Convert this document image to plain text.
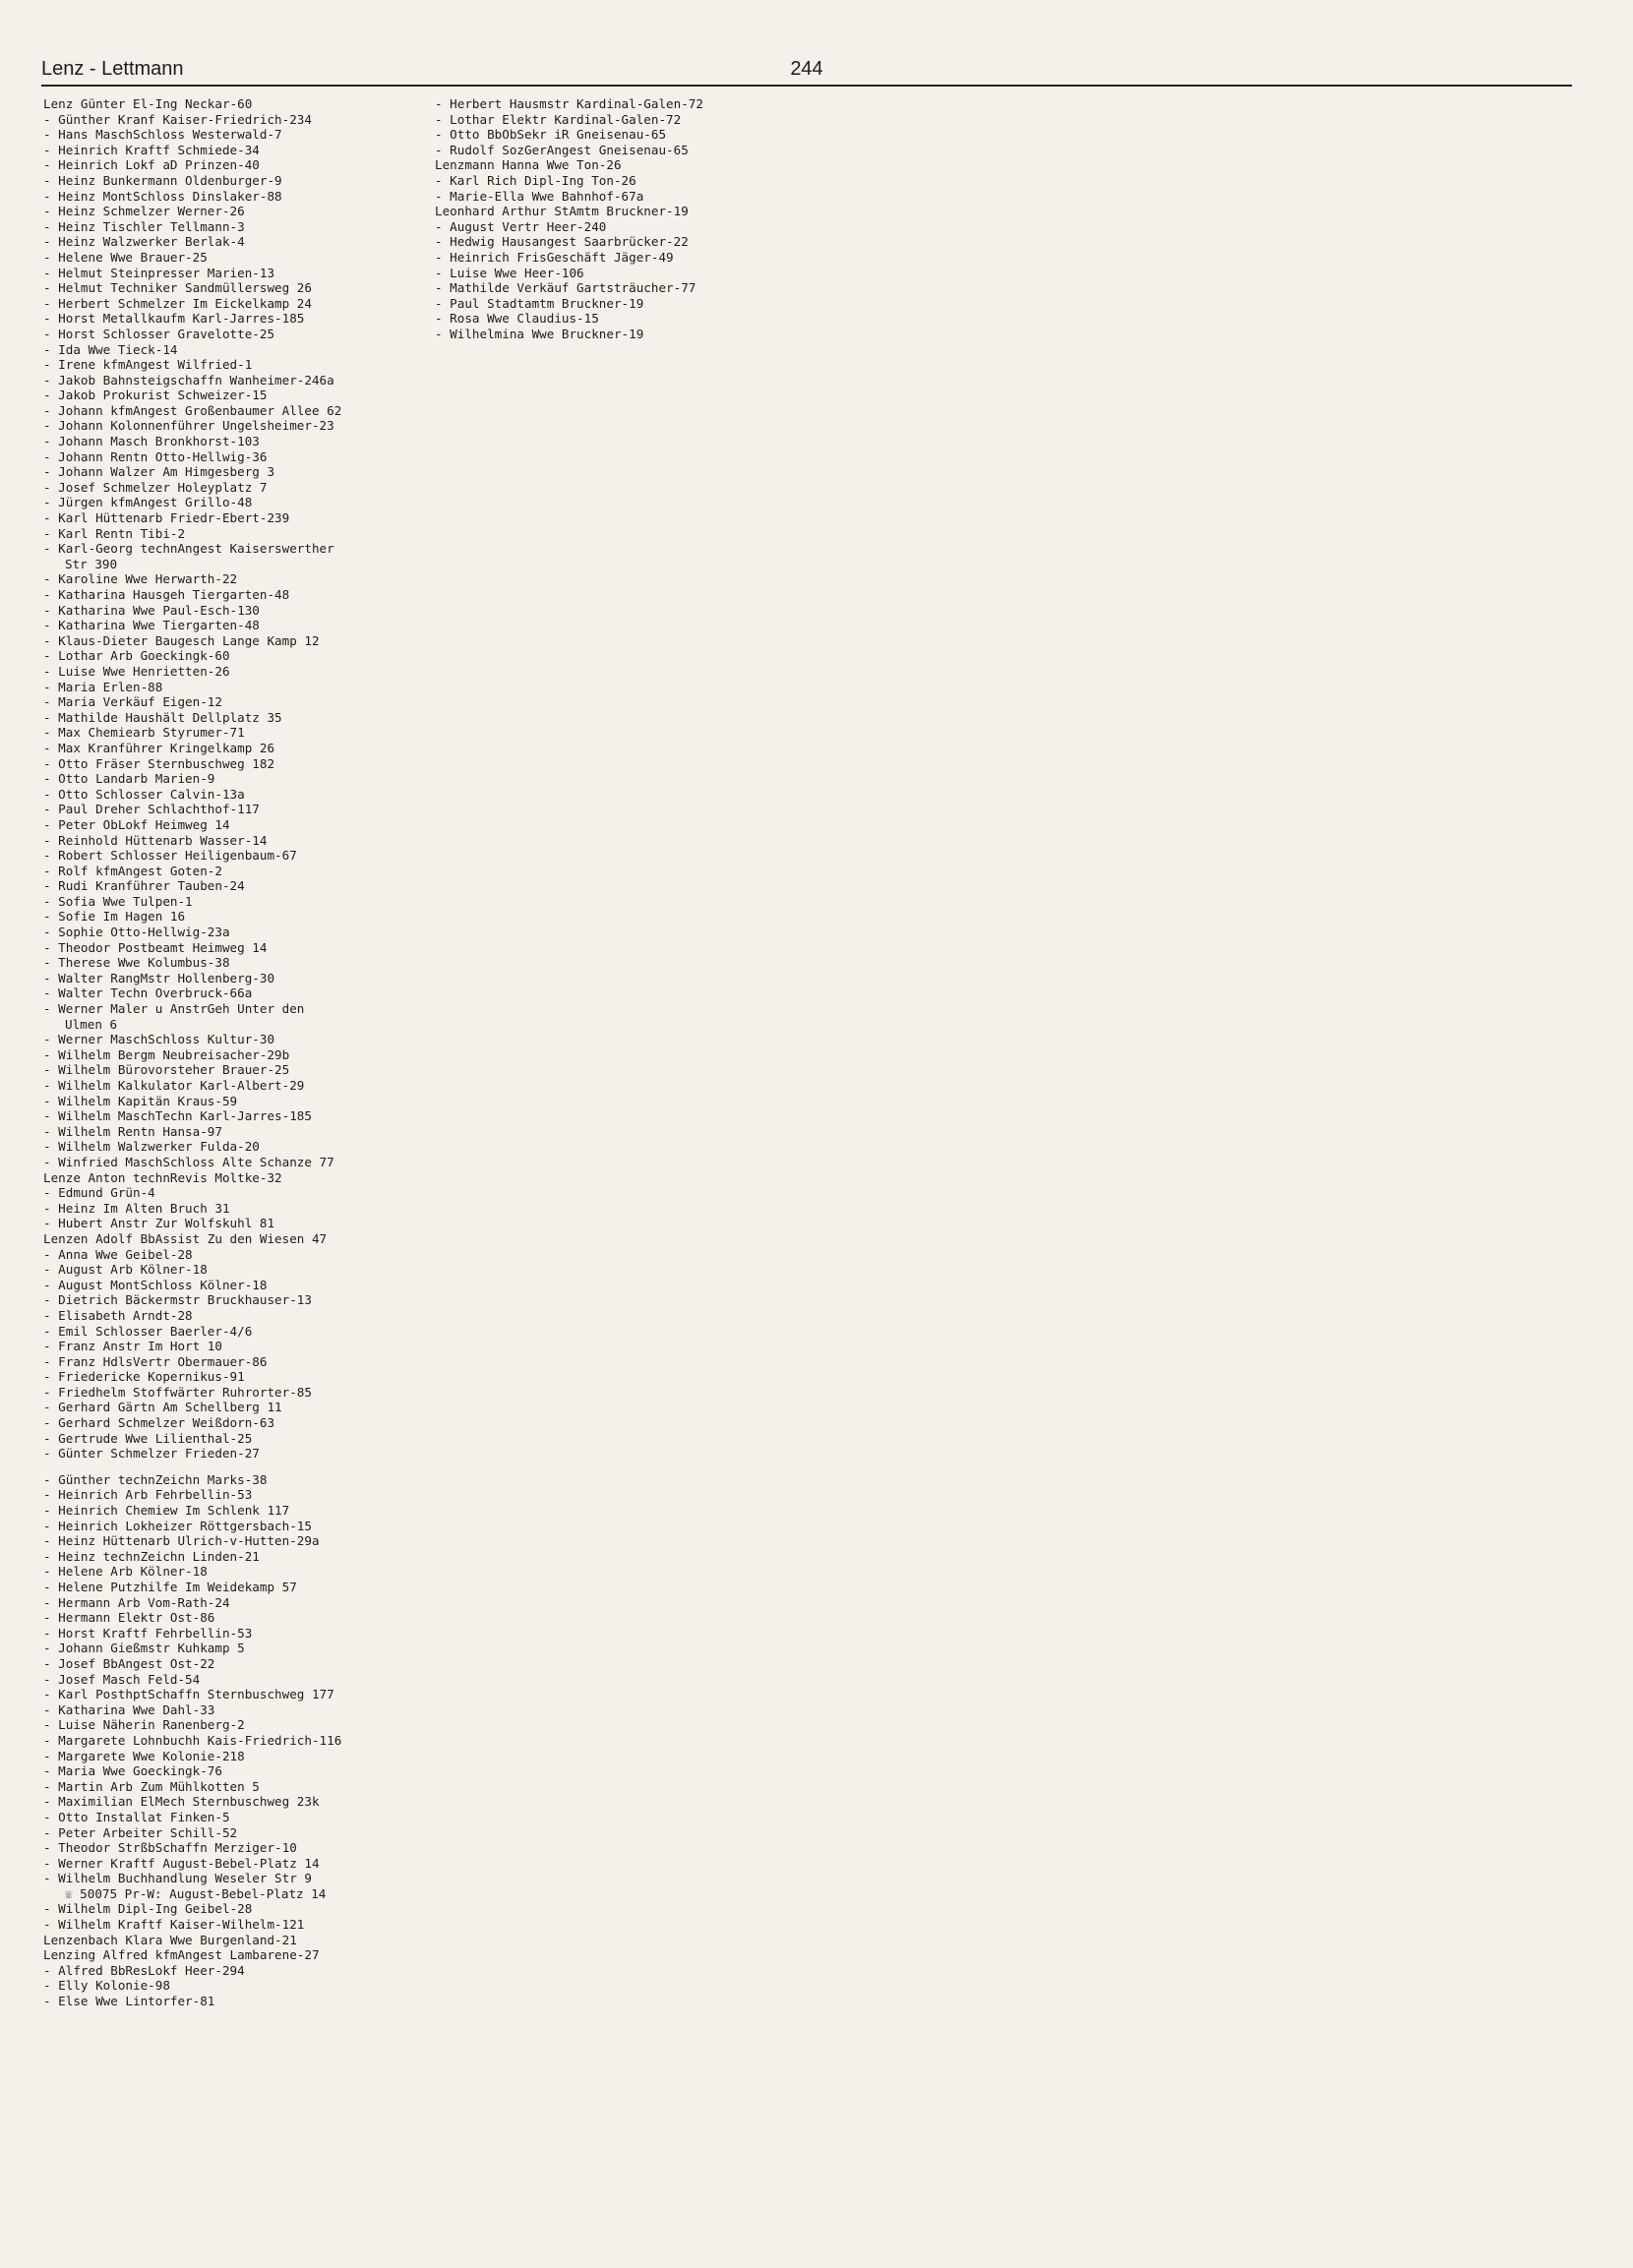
Lenz - Lettmann	244
Lenz Günter El-Ing Neckar-60
- Günther Kranf Kaiser-Friedrich-234
- Hans MaschSchloss Westerwald-7
- Heinrich Kraftf Schmiede-34
- Heinrich Lokf aD Prinzen-40
- Heinz Bunkermann Oldenburger-9
- Heinz MontSchloss Dinslaker-88
- Heinz Schmelzer Werner-26
- Heinz Tischler Tellmann-3
- Heinz Walzwerker Berlak-4
- Helene Wwe Brauer-25
- Helmut Steinpresser Marien-13
- Helmut Techniker Sandmüllersweg 26
- Herbert Schmelzer Im Eickelkamp 24
- Horst Metallkaufm Karl-Jarres-185
- Horst Schlosser Gravelotte-25
- Ida Wwe Tieck-14
- Irene kfmAngest Wilfried-1
- Jakob Bahnsteigschaffn Wanheimer-246a
- Jakob Prokurist Schweizer-15
- Johann kfmAngest Großenbaumer Allee 62
- Johann Kolonnenführer Ungelsheimer-23
- Johann Masch Bronkhorst-103
- Johann Rentn Otto-Hellwig-36
- Johann Walzer Am Himgesberg 3
- Josef Schmelzer Holeyplatz 7
- Jürgen kfmAngest Grillo-48
- Karl Hüttenarb Friedr-Ebert-239
- Karl Rentn Tibi-2
- Karl-Georg technAngest Kaiserswerther
Str 390
- Karoline Wwe Herwarth-22
- Katharina Hausgeh Tiergarten-48
- Katharina Wwe Paul-Esch-130
- Katharina Wwe Tiergarten-48
- Klaus-Dieter Baugesch Lange Kamp 12
- Lothar Arb Goeckingk-60
- Luise Wwe Henrietten-26
- Maria Erlen-88
- Maria Verkäuf Eigen-12
- Mathilde Haushält Dellplatz 35
- Max Chemiearb Styrumer-71
- Max Kranführer Kringelkamp 26
- Otto Fräser Sternbuschweg 182
- Otto Landarb Marien-9
- Otto Schlosser Calvin-13a
- Paul Dreher Schlachthof-117
- Peter ObLokf Heimweg 14
- Reinhold Hüttenarb Wasser-14
- Robert Schlosser Heiligenbaum-67
- Rolf kfmAngest Goten-2
- Rudi Kranführer Tauben-24
- Sofia Wwe Tulpen-1
- Sofie Im Hagen 16
- Sophie Otto-Hellwig-23a
- Theodor Postbeamt Heimweg 14
- Therese Wwe Kolumbus-38
- Walter RangMstr Hollenberg-30
- Walter Techn Overbruck-66a
- Werner Maler u AnstrGeh Unter den
Ulmen 6
- Werner MaschSchloss Kultur-30
- Wilhelm Bergm Neubreisacher-29b
- Wilhelm Bürovorsteher Brauer-25
- Wilhelm Kalkulator Karl-Albert-29
- Wilhelm Kapitän Kraus-59
- Wilhelm MaschTechn Karl-Jarres-185
- Wilhelm Rentn Hansa-97
- Wilhelm Walzwerker Fulda-20
- Winfried MaschSchloss Alte Schanze 77
Lenze Anton technRevis Moltke-32
- Edmund Grün-4
- Heinz Im Alten Bruch 31
- Hubert Anstr Zur Wolfskuhl 81
Lenzen Adolf BbAssist Zu den Wiesen 47
- Anna Wwe Geibel-28
- August Arb Kölner-18
- August MontSchloss Kölner-18
- Dietrich Bäckermstr Bruckhauser-13
- Elisabeth Arndt-28
- Emil Schlosser Baerler-4/6
- Franz Anstr Im Hort 10
- Franz HdlsVertr Obermauer-86
- Friedericke Kopernikus-91
- Friedhelm Stoffwärter Ruhrorter-85
- Gerhard Gärtn Am Schellberg 11
- Gerhard Schmelzer Weißdorn-63
- Gertrude Wwe Lilienthal-25
- Günter Schmelzer Frieden-27
- Günther technZeichn Marks-38
- Heinrich Arb Fehrbellin-53
- Heinrich Chemiew Im Schlenk 117
- Heinrich Lokheizer Röttgersbach-15
- Heinz Hüttenarb Ulrich-v-Hutten-29a
- Heinz technZeichn Linden-21
- Helene Arb Kölner-18
- Helene Putzhilfe Im Weidekamp 57
- Hermann Arb Vom-Rath-24
- Hermann Elektr Ost-86
- Horst Kraftf Fehrbellin-53
- Johann Gießmstr Kuhkamp 5
- Josef BbAngest Ost-22
- Josef Masch Feld-54
- Karl PosthptSchaffn Sternbuschweg 177
- Katharina Wwe Dahl-33
- Luise Näherin Ranenberg-2
- Margarete Lohnbuchh Kais-Friedrich-116
- Margarete Wwe Kolonie-218
- Maria Wwe Goeckingk-76
- Martin Arb Zum Mühlkotten 5
- Maximilian ElMech Sternbuschweg 23k
- Otto Installat Finken-5
- Peter Arbeiter Schill-52
- Theodor StrßbSchaffn Merziger-10
- Werner Kraftf August-Bebel-Platz 14
- Wilhelm Buchhandlung Weseler Str 9
☏ 50075 Pr-W: August-Bebel-Platz 14
- Wilhelm Dipl-Ing Geibel-28
- Wilhelm Kraftf Kaiser-Wilhelm-121
Lenzenbach Klara Wwe Burgenland-21
Lenzing Alfred kfmAngest Lambarene-27
- Alfred BbResLokf Heer-294
- Elly Kolonie-98
- Else Wwe Lintorfer-81
- Herbert Hausmstr Kardinal-Galen-72
- Lothar Elektr Kardinal-Galen-72
- Otto BbObSekr iR Gneisenau-65
- Rudolf SozGerAngest Gneisenau-65
Lenzmann Hanna Wwe Ton-26
- Karl Rich Dipl-Ing Ton-26
- Marie-Ella Wwe Bahnhof-67a
Leonhard Arthur StAmtm Bruckner-19
- August Vertr Heer-240
- Hedwig Hausangest Saarbrücker-22
- Heinrich FrisGeschäft Jäger-49
- Luise Wwe Heer-106
- Mathilde Verkäuf Gartsträucher-77
- Paul Stadtamtm Bruckner-19
- Rosa Wwe Claudius-15
- Wilhelmina Wwe Bruckner-19
